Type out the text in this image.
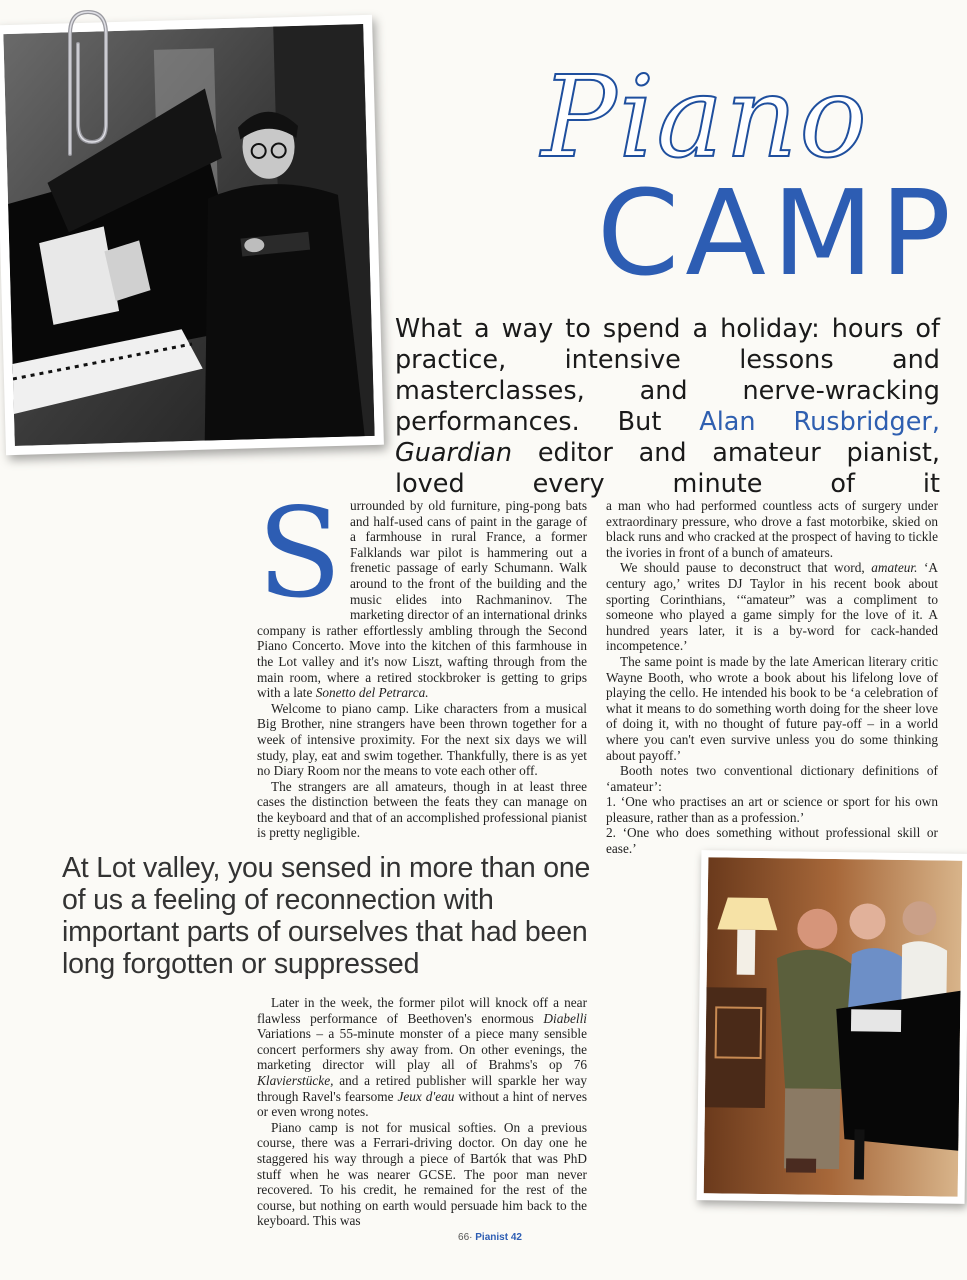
Piano
CAMP
What a way to spend a holiday: hours of practice, intensive lessons and masterclasses, and nerve-wracking performances. But Alan Rusbridger, Guardian editor and amateur pianist, loved every minute of it
S urrounded by old furniture, ping-pong bats and half-used cans of paint in the garage of a farmhouse in rural France, a former Falklands war pilot is hammering out a frenetic passage of early Schumann. Walk around to the front of the building and the music elides into Rachmaninov. The marketing director of an international drinks company is rather effortlessly ambling through the Second Piano Concerto. Move into the kitchen of this farmhouse in the Lot valley and it's now Liszt, wafting through from the main room, where a retired stockbroker is getting to grips with a late Sonetto del Petrarca.

Welcome to piano camp. Like characters from a musical Big Brother, nine strangers have been thrown together for a week of intensive proximity. For the next six days we will study, play, eat and swim together. Thankfully, there is as yet no Diary Room nor the means to vote each other off.

The strangers are all amateurs, though in at least three cases the distinction between the feats they can manage on the keyboard and that of an accomplished professional pianist is pretty negligible.

a man who had performed countless acts of surgery under extraordinary pressure, who drove a fast motorbike, skied on black runs and who cracked at the prospect of having to tickle the ivories in front of a bunch of amateurs.

We should pause to deconstruct that word, amateur. ‘A century ago,’ writes DJ Taylor in his recent book about sporting Corinthians, ‘“amateur” was a compliment to someone who played a game simply for the love of it. A hundred years later, it is a by-word for cack-handed incompetence.’

The same point is made by the late American literary critic Wayne Booth, who wrote a book about his lifelong love of playing the cello. He intended his book to be ‘a celebration of what it means to do something worth doing for the sheer love of doing it, with no thought of future pay-off – in a world where you can't even survive unless you do some thinking about payoff.’

Booth notes two conventional dictionary definitions of ‘amateur’:

1. ‘One who practises an art or science or sport for his own pleasure, rather than as a profession.’

2. ‘One who does something without professional skill or ease.’

At Lot valley, you sensed in more than one of us a feeling of reconnection with important parts of ourselves that had been long forgotten or suppressed

Later in the week, the former pilot will knock off a near flawless performance of Beethoven's enormous Diabelli Variations – a 55-minute monster of a piece many sensible concert performers shy away from. On other evenings, the marketing director will play all of Brahms's op 76 Klavierstücke, and a retired publisher will sparkle her way through Ravel's fearsome Jeux d'eau without a hint of nerves or even wrong notes.

Piano camp is not for musical softies. On a previous course, there was a Ferrari-driving doctor. On day one he staggered his way through a piece of Bartók that was PhD stuff when he was nearer GCSE. The poor man never recovered. To his credit, he remained for the rest of the course, but nothing on earth would persuade him back to the keyboard. This was

66· Pianist 42
